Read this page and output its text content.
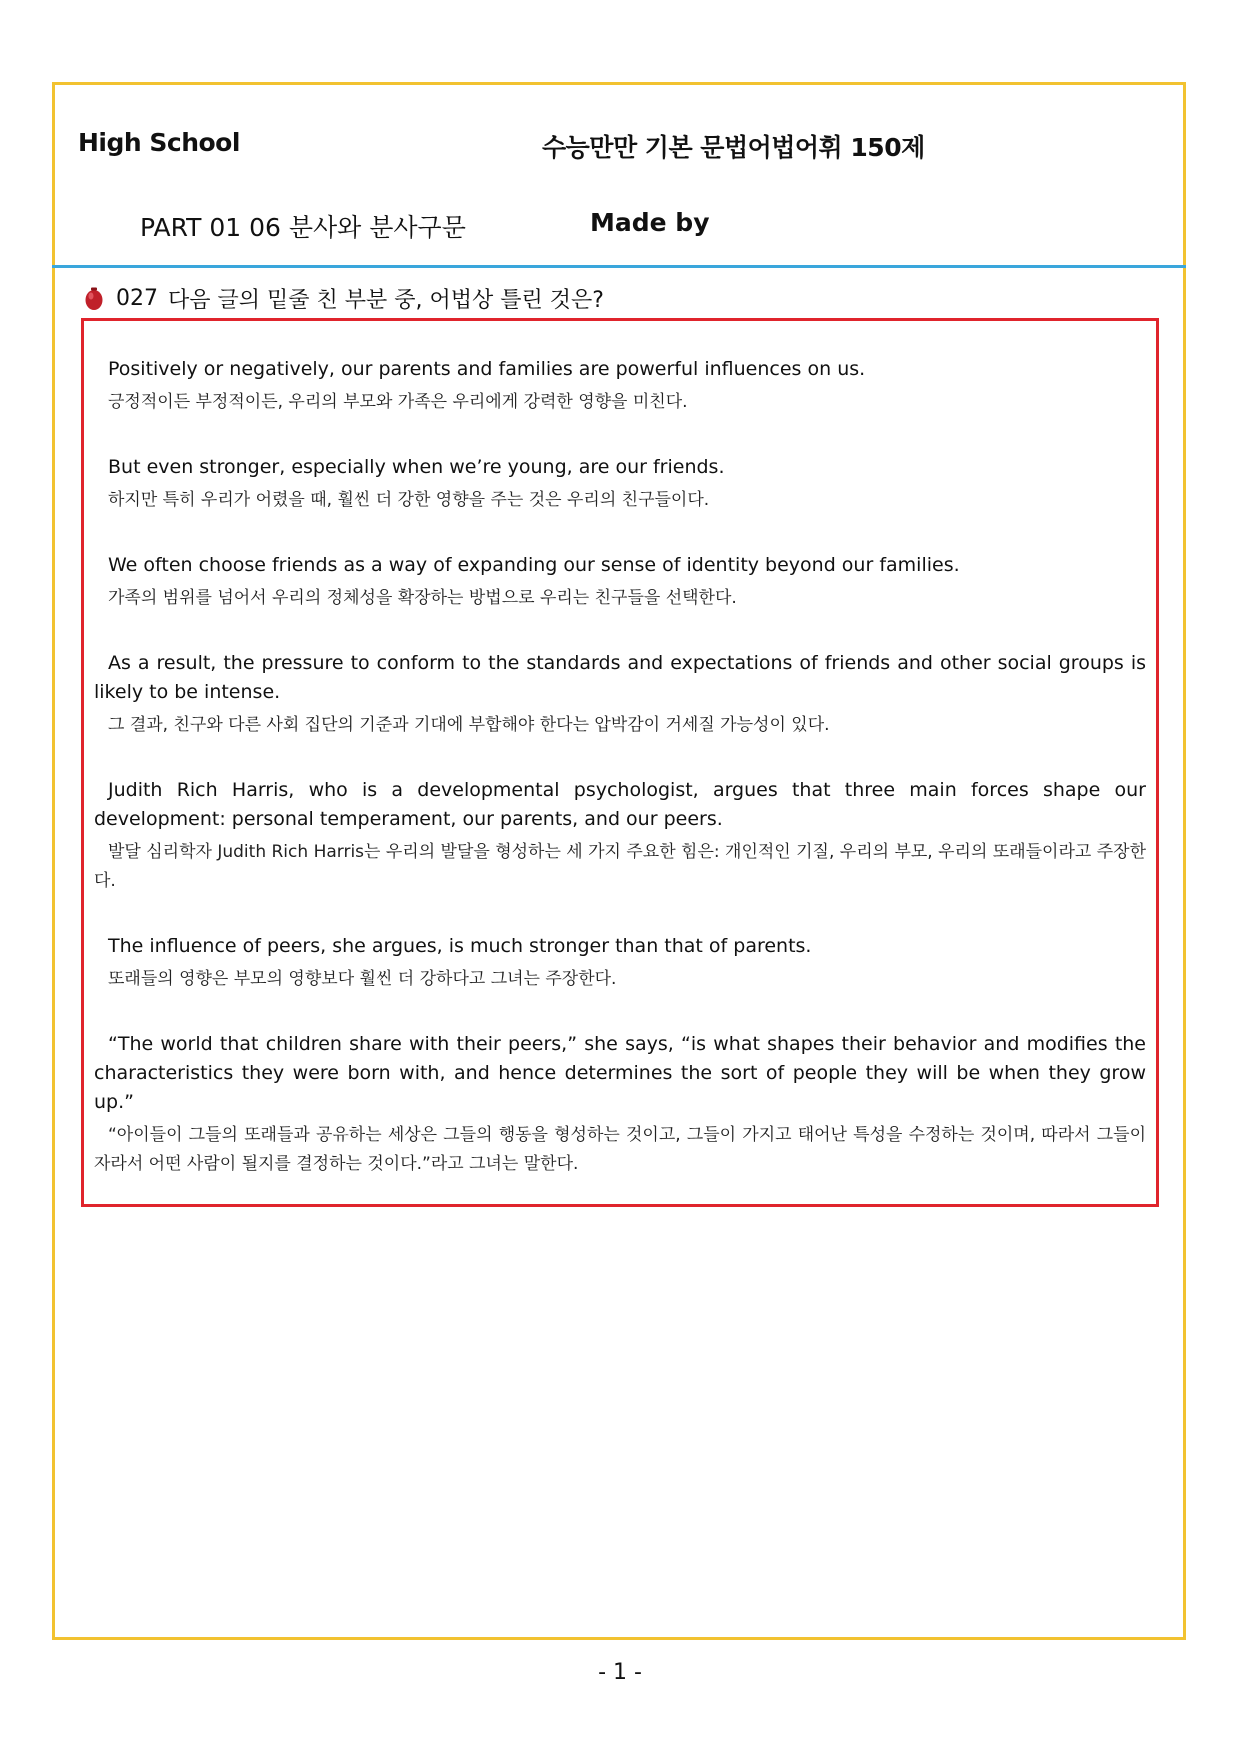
High School	수능만만 기본 문법어법어휘 150제
PART 01 06 분사와 분사구문	Made by
027 다음 글의 밑줄 친 부분 중, 어법상 틀린 것은?

Positively or negatively, our parents and families are powerful influences on us.

긍정적이든 부정적이든, 우리의 부모와 가족은 우리에게 강력한 영향을 미친다.

But even stronger, especially when we’re young, are our friends.

하지만 특히 우리가 어렸을 때, 훨씬 더 강한 영향을 주는 것은 우리의 친구들이다.

We often choose friends as a way of expanding our sense of identity beyond our families.

가족의 범위를 넘어서 우리의 정체성을 확장하는 방법으로 우리는 친구들을 선택한다.

As a result, the pressure to conform to the standards and expectations of friends and other social groups is likely to be intense.

그 결과, 친구와 다른 사회 집단의 기준과 기대에 부합해야 한다는 압박감이 거세질 가능성이 있다.

Judith Rich Harris, who is a developmental psychologist, argues that three main forces shape our development: personal temperament, our parents, and our peers.

발달 심리학자 Judith Rich Harris는 우리의 발달을 형성하는 세 가지 주요한 힘은: 개인적인 기질, 우리의 부모, 우리의 또래들이라고 주장한다.

The influence of peers, she argues, is much stronger than that of parents.

또래들의 영향은 부모의 영향보다 훨씬 더 강하다고 그녀는 주장한다.

“The world that children share with their peers,” she says, “is what shapes their behavior and modifies the characteristics they were born with, and hence determines the sort of people they will be when they grow up.”

“아이들이 그들의 또래들과 공유하는 세상은 그들의 행동을 형성하는 것이고, 그들이 가지고 태어난 특성을 수정하는 것이며, 따라서 그들이 자라서 어떤 사람이 될지를 결정하는 것이다.”라고 그녀는 말한다.

- 1 -
